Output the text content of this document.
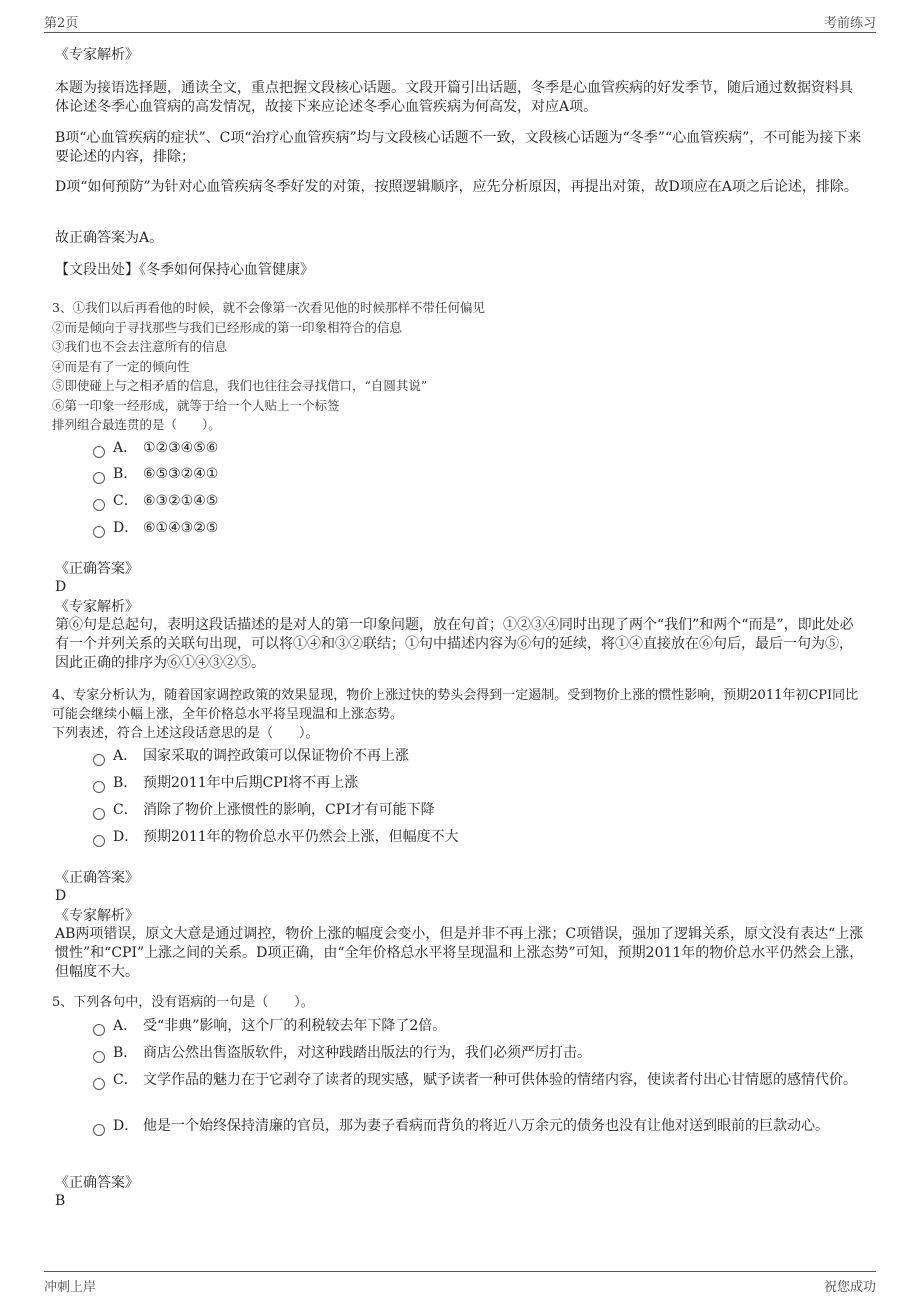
第2页	考前练习
《专家解析》
本题为接语选择题，通读全文，重点把握文段核心话题。文段开篇引出话题，冬季是心血管疾病的好发季节，随后通过数据资料具体论述冬季心血管病的高发情况，故接下来应论述冬季心血管疾病为何高发，对应A项。
B项“心血管疾病的症状”、C项“治疗心血管疾病”均与文段核心话题不一致，文段核心话题为“冬季”“心血管疾病”，不可能为接下来要论述的内容，排除；
D项“如何预防”为针对心血管疾病冬季好发的对策，按照逻辑顺序，应先分析原因，再提出对策，故D项应在A项之后论述，排除。
故正确答案为A。
【文段出处】《冬季如何保持心血管健康》
3、①我们以后再看他的时候，就不会像第一次看见他的时候那样不带任何偏见
②而是倾向于寻找那些与我们已经形成的第一印象相符合的信息
③我们也不会去注意所有的信息
④而是有了一定的倾向性
⑤即使碰上与之相矛盾的信息，我们也往往会寻找借口，“自圆其说”
⑥第一印象一经形成，就等于给一个人贴上一个标签
排列组合最连贯的是（　　）。
A． ①②③④⑤⑥
B． ⑥⑤③②④①
C． ⑥③②①④⑤
D． ⑥①④③②⑤
《正确答案》
D
《专家解析》
第⑥句是总起句，表明这段话描述的是对人的第一印象问题，放在句首；①②③④同时出现了两个“我们”和两个“而是”，即此处必有一个并列关系的关联句出现，可以将①④和③②联结；①句中描述内容为⑥句的延续，将①④直接放在⑥句后，最后一句为⑤，因此正确的排序为⑥①④③②⑤。
4、专家分析认为，随着国家调控政策的效果显现，物价上涨过快的势头会得到一定遏制。受到物价上涨的惯性影响，预期2011年初CPI同比可能会继续小幅上涨，全年价格总水平将呈现温和上涨态势。
下列表述，符合上述这段话意思的是（　　）。
A． 国家采取的调控政策可以保证物价不再上涨
B． 预期2011年中后期CPI将不再上涨
C． 消除了物价上涨惯性的影响，CPI才有可能下降
D． 预期2011年的物价总水平仍然会上涨，但幅度不大
《正确答案》
D
《专家解析》
AB两项错误，原文大意是通过调控，物价上涨的幅度会变小，但是并非不再上涨；C项错误，强加了逻辑关系，原文没有表达“上涨惯性”和“CPI”上涨之间的关系。D项正确，由“全年价格总水平将呈现温和上涨态势”可知，预期2011年的物价总水平仍然会上涨，但幅度不大。
5、下列各句中，没有语病的一句是（　　）。
A． 受“非典”影响，这个厂的利税较去年下降了2倍。
B． 商店公然出售盗版软件，对这种践踏出版法的行为，我们必须严厉打击。
C． 文学作品的魅力在于它剥夺了读者的现实感，赋予读者一种可供体验的情绪内容，使读者付出心甘情愿的感情代价。
D． 他是一个始终保持清廉的官员，那为妻子看病而背负的将近八万余元的债务也没有让他对送到眼前的巨款动心。
《正确答案》
B
冲刺上岸	祝您成功
